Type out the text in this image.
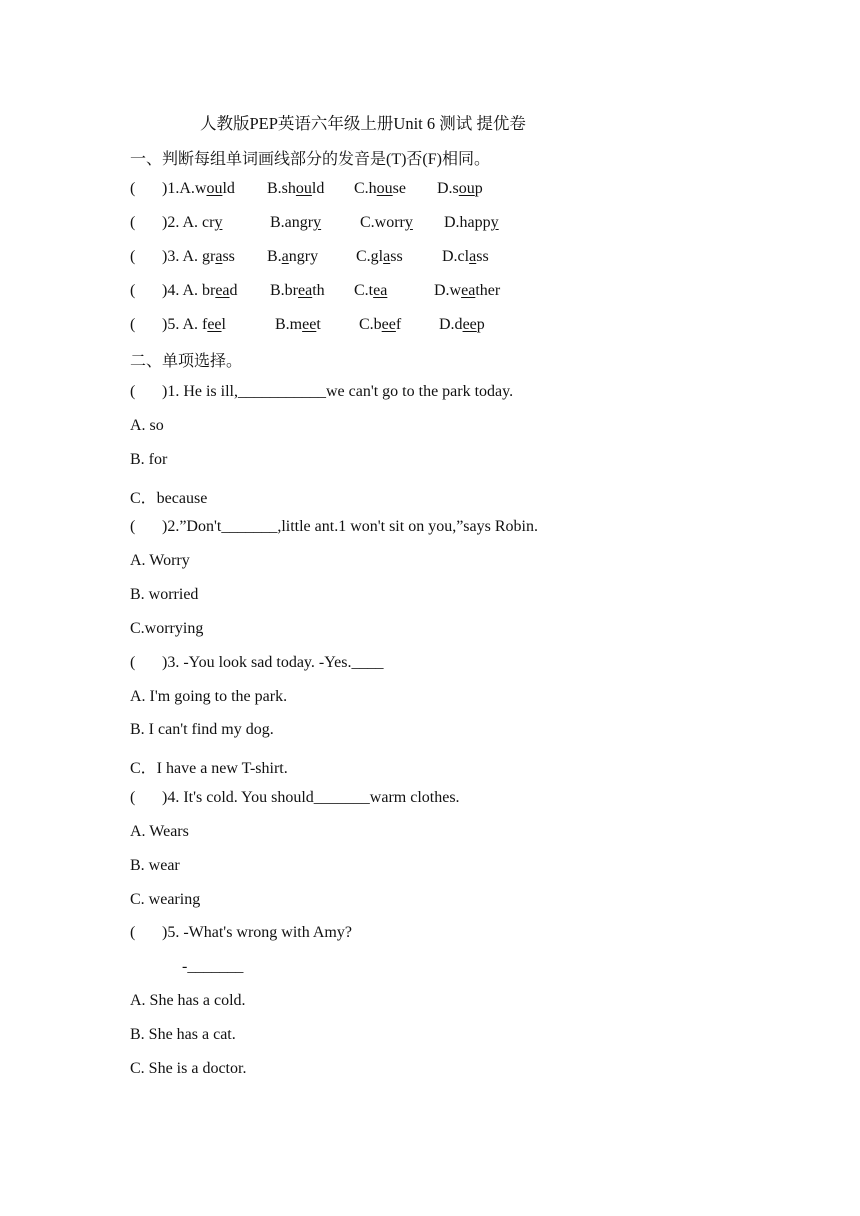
人教版PEP英语六年级上册Unit 6 测试 提优卷
一、判断每组单词画线部分的发音是(T)否(F)相同。
( )1.A.would B.should C.house D.soup
( )2. A. cry	B.angry C.worry D.happy
( )3. A. grass B.angry C.glass D.class
( )4. A. bread B.breath C.tea	D.weather
( )5. A. feel	B.meet C.beef D.deep
二、单项选择。
( )1. He is ill,___________we can't go to the park today.
A. so
B. for
C．because
( )2.”Don't_______,little ant.1 won't sit on you,”says Robin.
A. Worry
B. worried
C.worrying
( )3. -You look sad today. -Yes.____
A. I'm going to the park.
B. I can't find my dog.
C．I have a new T-shirt.
( )4. It's cold. You should_______warm clothes.
A. Wears
B. wear
C. wearing
( )5. -What's wrong with Amy?
-_______
A. She has a cold.
B. She has a cat.
C. She is a doctor.
